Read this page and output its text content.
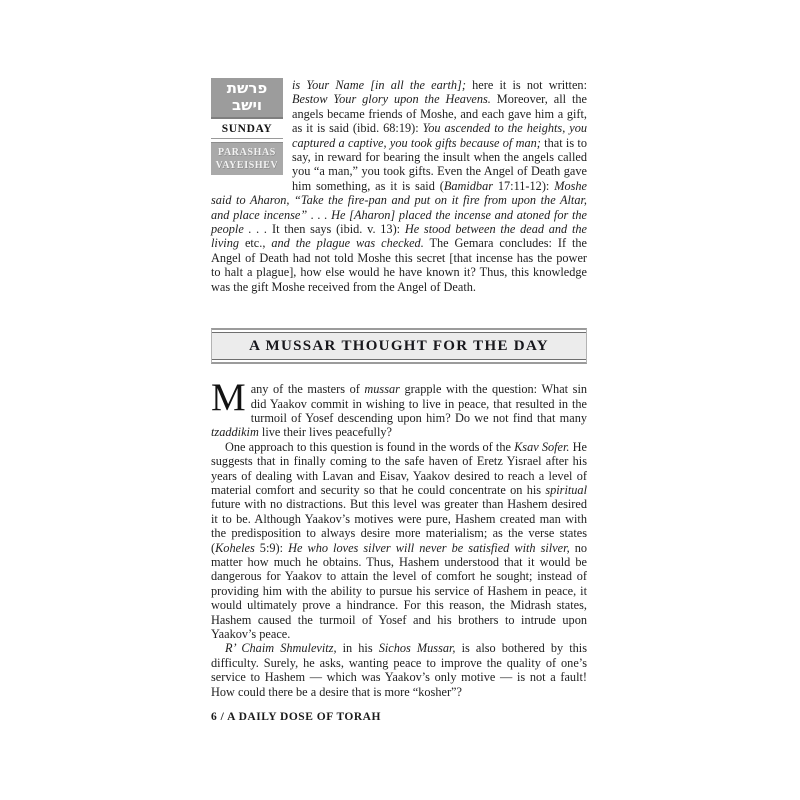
פרשת
וישב
SUNDAY
PARASHAS
VAYEISHEV

is Your Name [in all the earth]; here it is not written: Bestow Your glory upon the Heavens. Moreover, all the angels became friends of Moshe, and each gave him a gift, as it is said (ibid. 68:19): You ascended to the heights, you captured a captive, you took gifts because of man; that is to say, in reward for bearing the insult when the angels called you “a man,” you took gifts. Even the Angel of Death gave him something, as it is said (Bamidbar 17:11-12): Moshe said to Aharon, “Take the fire-pan and put on it fire from upon the Altar, and place incense” . . . He [Aharon] placed the incense and atoned for the people . . . It then says (ibid. v. 13): He stood between the dead and the living etc., and the plague was checked. The Gemara concludes: If the Angel of Death had not told Moshe this secret [that incense has the power to halt a plague], how else would he have known it? Thus, this knowledge was the gift Moshe received from the Angel of Death.

A MUSSAR THOUGHT FOR THE DAY

Many of the masters of mussar grapple with the question: What sin did Yaakov commit in wishing to live in peace, that resulted in the turmoil of Yosef descending upon him? Do we not find that many tzaddikim live their lives peacefully?

One approach to this question is found in the words of the Ksav Sofer. He suggests that in finally coming to the safe haven of Eretz Yisrael after his years of dealing with Lavan and Eisav, Yaakov desired to reach a level of material comfort and security so that he could concentrate on his spiritual future with no distractions. But this level was greater than Hashem desired it to be. Although Yaakov’s motives were pure, Hashem created man with the predisposition to always desire more materialism; as the verse states (Koheles 5:9): He who loves silver will never be satisfied with silver, no matter how much he obtains. Thus, Hashem understood that it would be dangerous for Yaakov to attain the level of comfort he sought; instead of providing him with the ability to pursue his service of Hashem in peace, it would ultimately prove a hindrance. For this reason, the Midrash states, Hashem caused the turmoil of Yosef and his brothers to intrude upon Yaakov’s peace.

R’ Chaim Shmulevitz, in his Sichos Mussar, is also bothered by this difficulty. Surely, he asks, wanting peace to improve the quality of one’s service to Hashem — which was Yaakov’s only motive — is not a fault! How could there be a desire that is more “kosher”?

6 / A DAILY DOSE OF TORAH
